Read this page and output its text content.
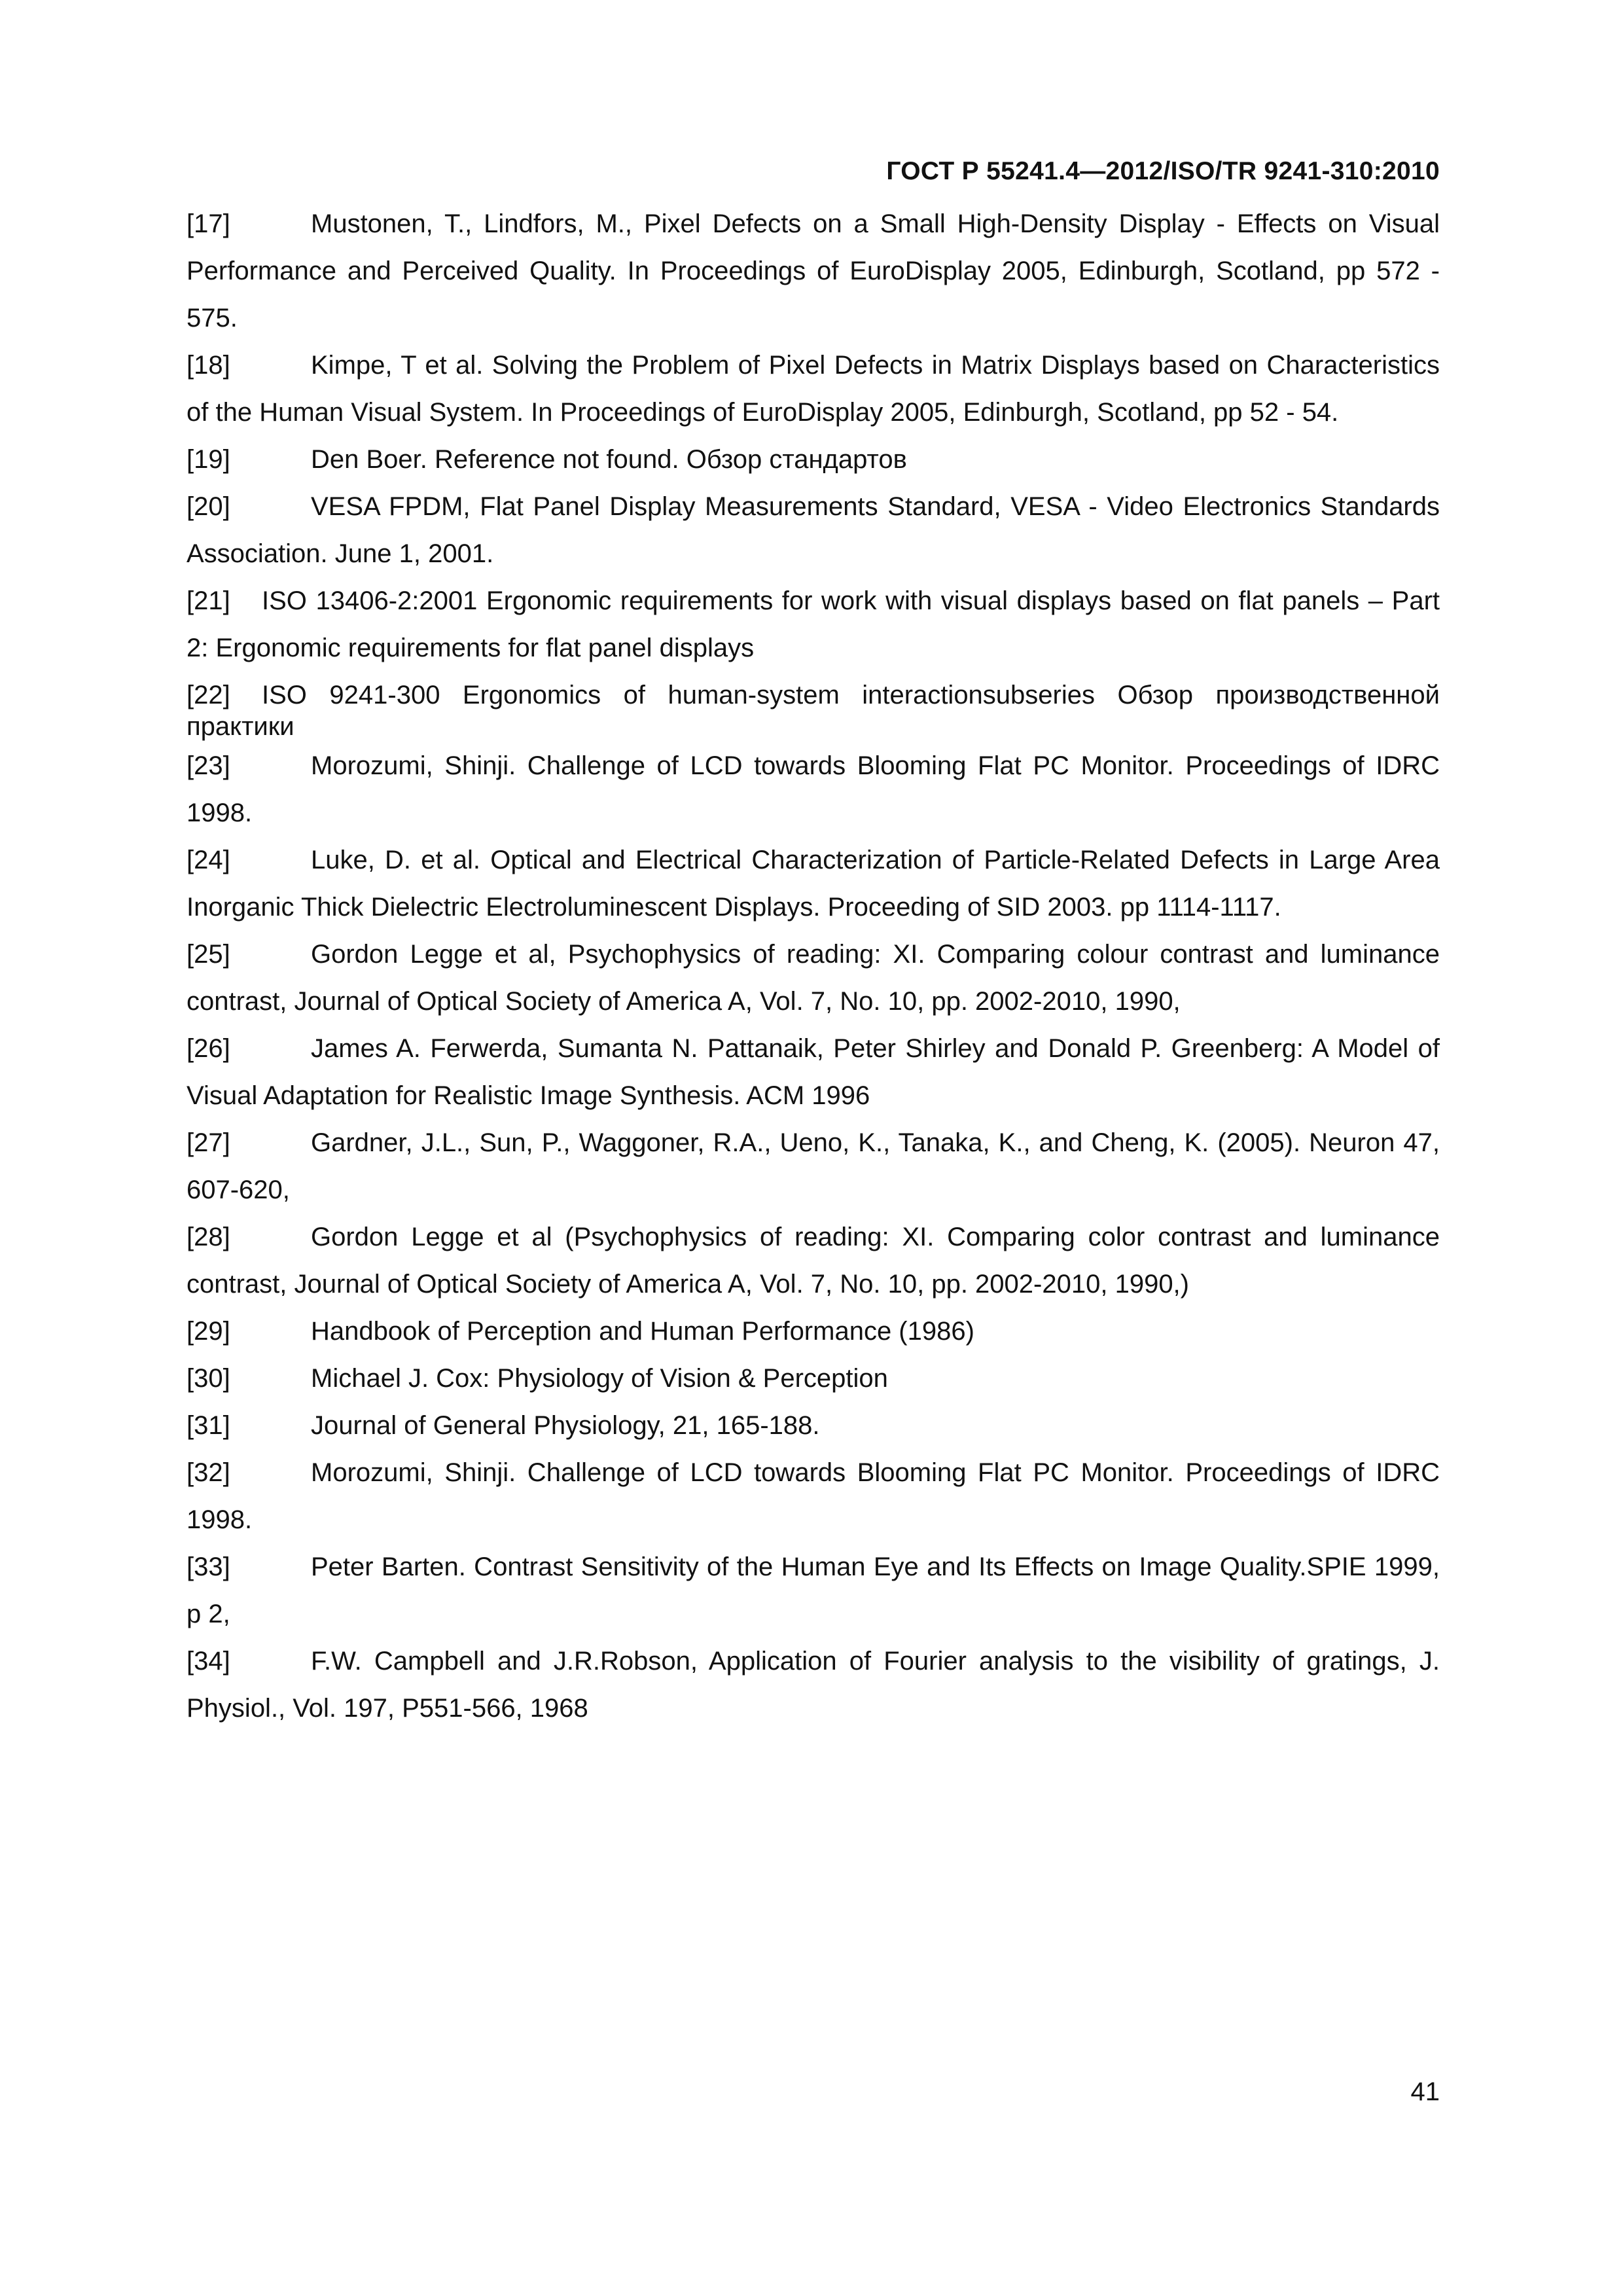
ГОСТ Р 55241.4—2012/ISO/TR 9241-310:2010
[17]	Mustonen, T., Lindfors, M., Pixel Defects on a Small High-Density Display - Effects on Visual Performance and Perceived Quality. In Proceedings of EuroDisplay 2005, Edinburgh, Scotland, pp 572 - 575.
[18]	Kimpe, T et al. Solving the Problem of Pixel Defects in Matrix Displays based on Characteristics of the Human Visual System. In Proceedings of EuroDisplay 2005, Edinburgh, Scotland, pp 52 - 54.
[19]	Den Boer. Reference not found. Обзор стандартов
[20]	VESA FPDM, Flat Panel Display Measurements Standard, VESA - Video Electronics Standards Association. June 1, 2001.
[21] ISO 13406-2:2001 Ergonomic requirements for work with visual displays based on flat panels – Part 2: Ergonomic requirements for flat panel displays
[22] ISO 9241-300 Ergonomics of human-system interactionsubseries Обзор производственной практики
[23]	Morozumi, Shinji. Challenge of LCD towards Blooming Flat PC Monitor. Proceedings of IDRC 1998.
[24]	Luke, D. et al. Optical and Electrical Characterization of Particle-Related Defects in Large Area Inorganic Thick Dielectric Electroluminescent Displays. Proceeding of SID 2003. pp 1114-1117.
[25]	Gordon Legge et al, Psychophysics of reading: XI. Comparing colour contrast and luminance contrast, Journal of Optical Society of America A, Vol. 7, No. 10, pp. 2002-2010, 1990,
[26]	James A. Ferwerda, Sumanta N. Pattanaik, Peter Shirley and Donald P. Greenberg: A Model of Visual Adaptation for Realistic Image Synthesis. ACM 1996
[27]	Gardner, J.L., Sun, P., Waggoner, R.A., Ueno, K., Tanaka, K., and Cheng, K. (2005). Neuron 47, 607-620,
[28]	Gordon Legge et al (Psychophysics of reading: XI. Comparing color contrast and luminance contrast, Journal of Optical Society of America A, Vol. 7, No. 10, pp. 2002-2010, 1990,)
[29]	Handbook of Perception and Human Performance (1986)
[30]	Michael J. Cox: Physiology of Vision & Perception
[31]	Journal of General Physiology, 21, 165-188.
[32]	Morozumi, Shinji. Challenge of LCD towards Blooming Flat PC Monitor. Proceedings of IDRC 1998.
[33]	Peter Barten. Contrast Sensitivity of the Human Eye and Its Effects on Image Quality.SPIE 1999, p 2,
[34]	F.W. Campbell and J.R.Robson, Application of Fourier analysis to the visibility of gratings, J. Physiol., Vol. 197, P551-566, 1968
41
